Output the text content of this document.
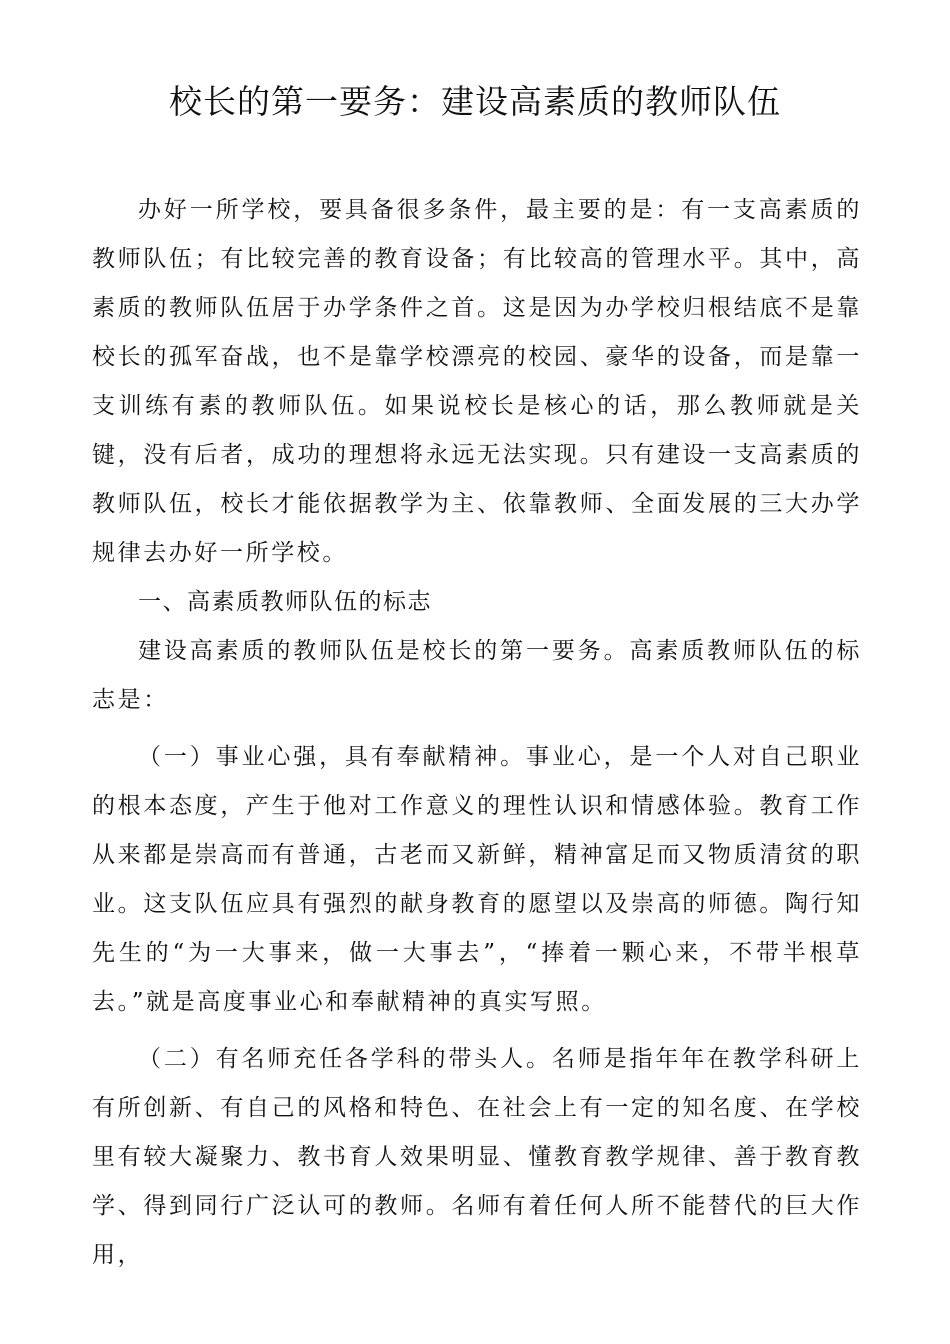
校长的第一要务：建设高素质的教师队伍

办好一所学校，要具备很多条件，最主要的是：有一支高素质的教师队伍；有比较完善的教育设备；有比较高的管理水平。其中，高素质的教师队伍居于办学条件之首。这是因为办学校归根结底不是靠校长的孤军奋战，也不是靠学校漂亮的校园、豪华的设备，而是靠一支训练有素的教师队伍。如果说校长是核心的话，那么教师就是关键，没有后者，成功的理想将永远无法实现。只有建设一支高素质的教师队伍，校长才能依据教学为主、依靠教师、全面发展的三大办学规律去办好一所学校。

一、高素质教师队伍的标志

建设高素质的教师队伍是校长的第一要务。高素质教师队伍的标志是：

（一）事业心强，具有奉献精神。事业心，是一个人对自己职业的根本态度，产生于他对工作意义的理性认识和情感体验。教育工作从来都是崇高而有普通，古老而又新鲜，精神富足而又物质清贫的职业。这支队伍应具有强烈的献身教育的愿望以及崇高的师德。陶行知先生的“为一大事来，做一大事去”，“捧着一颗心来，不带半根草去。”就是高度事业心和奉献精神的真实写照。

（二）有名师充任各学科的带头人。名师是指年年在教学科研上有所创新、有自己的风格和特色、在社会上有一定的知名度、在学校里有较大凝聚力、教书育人效果明显、懂教育教学规律、善于教育教学、得到同行广泛认可的教师。名师有着任何人所不能替代的巨大作用，
